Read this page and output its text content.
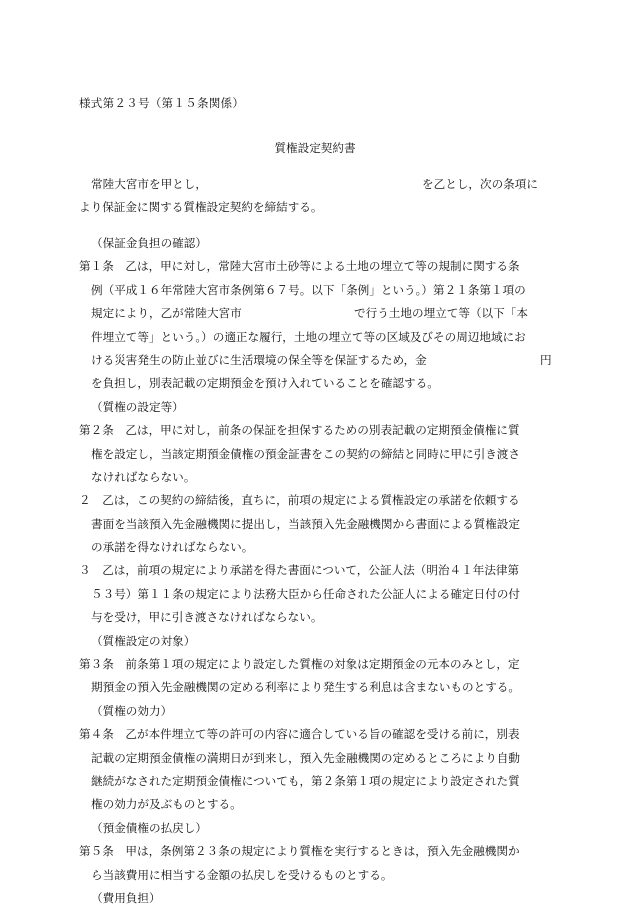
様式第２３号（第１５条関係）
質権設定契約書
常陸大宮市を甲とし，	を乙とし，次の条項に
より保証金に関する質権設定契約を締結する。
（保証金負担の確認）
第１条　乙は，甲に対し，常陸大宮市土砂等による土地の埋立て等の規制に関する条
例（平成１６年常陸大宮市条例第６７号。以下「条例」という。）第２１条第１項の
規定により，乙が常陸大宮市	で行う土地の埋立て等（以下「本
件埋立て等」という。）の適正な履行，土地の埋立て等の区域及びその周辺地域にお
ける災害発生の防止並びに生活環境の保全等を保証するため，金	円
を負担し，別表記載の定期預金を預け入れていることを確認する。
（質権の設定等）
第２条　乙は，甲に対し，前条の保証を担保するための別表記載の定期預金債権に質
権を設定し，当該定期預金債権の預金証書をこの契約の締結と同時に甲に引き渡さ
なければならない。
２　乙は，この契約の締結後，直ちに，前項の規定による質権設定の承諾を依頼する
書面を当該預入先金融機関に提出し，当該預入先金融機関から書面による質権設定
の承諾を得なければならない。
３　乙は，前項の規定により承諾を得た書面について，公証人法（明治４１年法律第
５３号）第１１条の規定により法務大臣から任命された公証人による確定日付の付
与を受け，甲に引き渡さなければならない。
（質権設定の対象）
第３条　前条第１項の規定により設定した質権の対象は定期預金の元本のみとし，定
期預金の預入先金融機関の定める利率により発生する利息は含まないものとする。
（質権の効力）
第４条　乙が本件埋立て等の許可の内容に適合している旨の確認を受ける前に，別表
記載の定期預金債権の満期日が到来し，預入先金融機関の定めるところにより自動
継続がなされた定期預金債権についても，第２条第１項の規定により設定された質
権の効力が及ぶものとする。
（預金債権の払戻し）
第５条　甲は，条例第２３条の規定により質権を実行するときは，預入先金融機関か
ら当該費用に相当する金額の払戻しを受けるものとする。
（費用負担）
